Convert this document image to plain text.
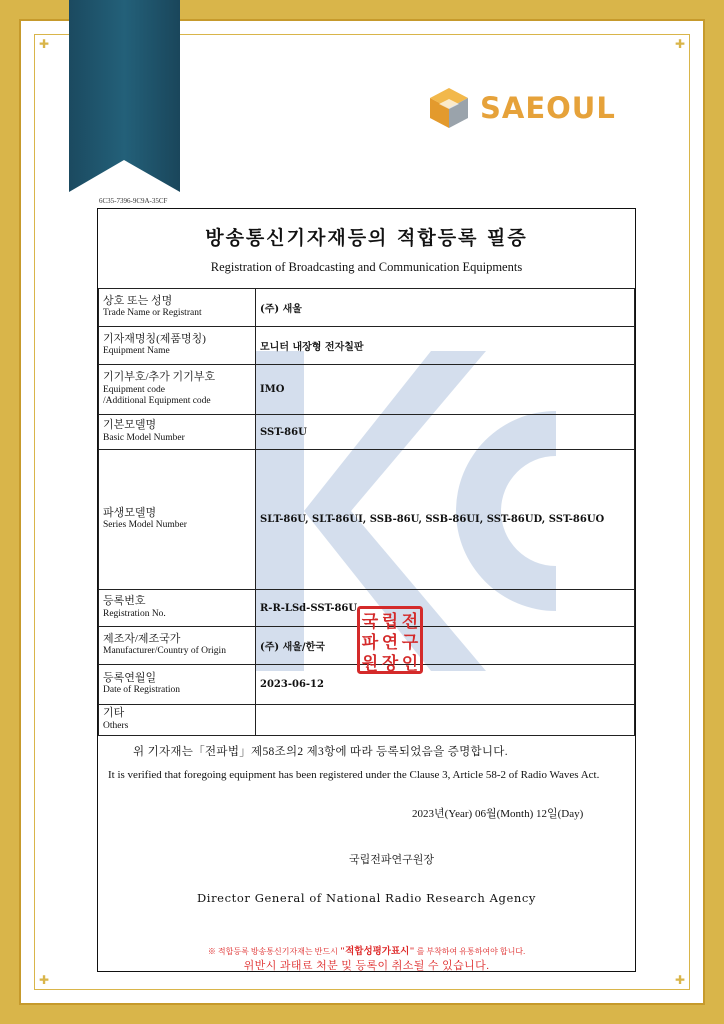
✚	✚
✚	✚
SAEOUL
6C35-7396-9C9A-35CF
방송통신기자재등의 적합등록 필증
Registration of Broadcasting and Communication Equipments
상호 또는 성명
Trade Name or Registrant	(주) 새울

기자재명칭(제품명칭)
Equipment Name	모니터 내장형 전자칠판

기기부호/추가 기기부호
Equipment code
/Additional Equipment code	IMO

기본모델명
Basic Model Number	SST-86U

파생모델명
Series Model Number	SLT-86U, SLT-86UI, SSB-86U, SSB-86UI, SST-86UD, SST-86UO

등록번호
Registration No.	R-R-LSd-SST-86U

제조자/제조국가
Manufacturer/Country of Origin	(주) 새울/한국

등록연월일
Date of Registration	2023-06-12

기타
Others	

위 기자재는「전파법」제58조의2 제3항에 따라 등록되었음을 증명합니다.
It is verified that foregoing equipment has been registered under the Clause 3, Article 58-2 of Radio Waves Act.
2023년(Year) 06월(Month) 12일(Day)
국립전파연구원장
Director General of National Radio Research Agency
※ 적합등록 방송통신기자재는 반드시 "적합성평가표시" 를 부착하여 유통하여야 합니다.
위반시 과태료 처분 및 등록이 취소될 수 있습니다.
국 립 전
파 연 구
원 장 인
